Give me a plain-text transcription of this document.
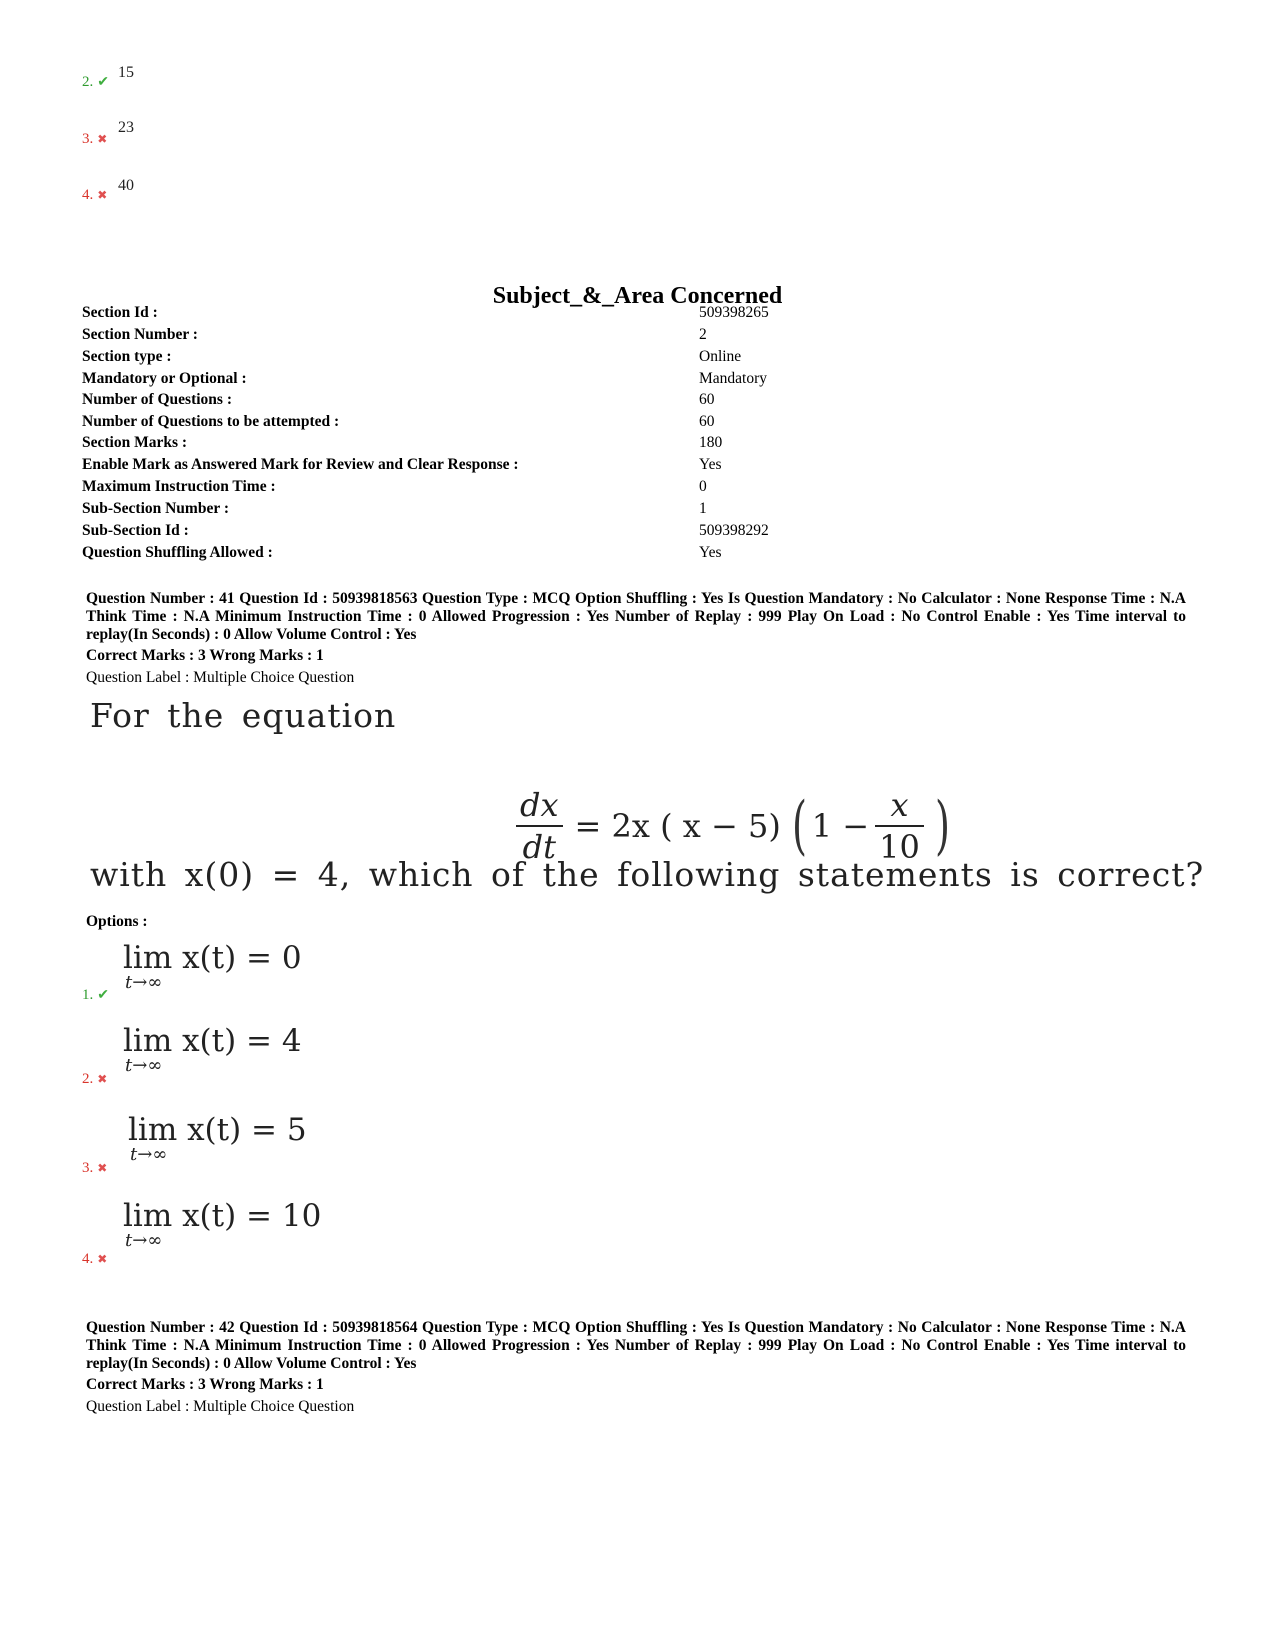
2. ✔
15
3. ✖
23
4. ✖
40
Subject_&_Area Concerned
Section Id :	509398265
Section Number :	2
Section type :	Online
Mandatory or Optional :	Mandatory
Number of Questions :	60
Number of Questions to be attempted :	60
Section Marks :	180
Enable Mark as Answered Mark for Review and Clear Response :	Yes
Maximum Instruction Time :	0
Sub-Section Number :	1
Sub-Section Id :	509398292
Question Shuffling Allowed :	Yes
Question Number : 41 Question Id : 50939818563 Question Type : MCQ Option Shuffling : Yes Is Question Mandatory : No Calculator : None Response Time : N.A Think Time : N.A Minimum Instruction Time : 0 Allowed Progression : Yes Number of Replay : 999 Play On Load : No Control Enable : Yes Time interval to replay(In Seconds) : 0 Allow Volume Control : Yes
Correct Marks : 3 Wrong Marks : 1
Question Label : Multiple Choice Question
For the equation
$\frac{dx}{dt} = 2x$ ( x − 5) ( $1 - \frac{x}{10}$ )
with x(0) = 4, which of the following statements is correct?
Options :
lim x(t) = 0
t→∞
1. ✔
lim x(t) = 4
t→∞
2. ✖
lim x(t) = 5
t→∞
3. ✖
lim x(t) = 10
t→∞
4. ✖
Question Number : 42 Question Id : 50939818564 Question Type : MCQ Option Shuffling : Yes Is Question Mandatory : No Calculator : None Response Time : N.A Think Time : N.A Minimum Instruction Time : 0 Allowed Progression : Yes Number of Replay : 999 Play On Load : No Control Enable : Yes Time interval to replay(In Seconds) : 0 Allow Volume Control : Yes
Correct Marks : 3 Wrong Marks : 1
Question Label : Multiple Choice Question
